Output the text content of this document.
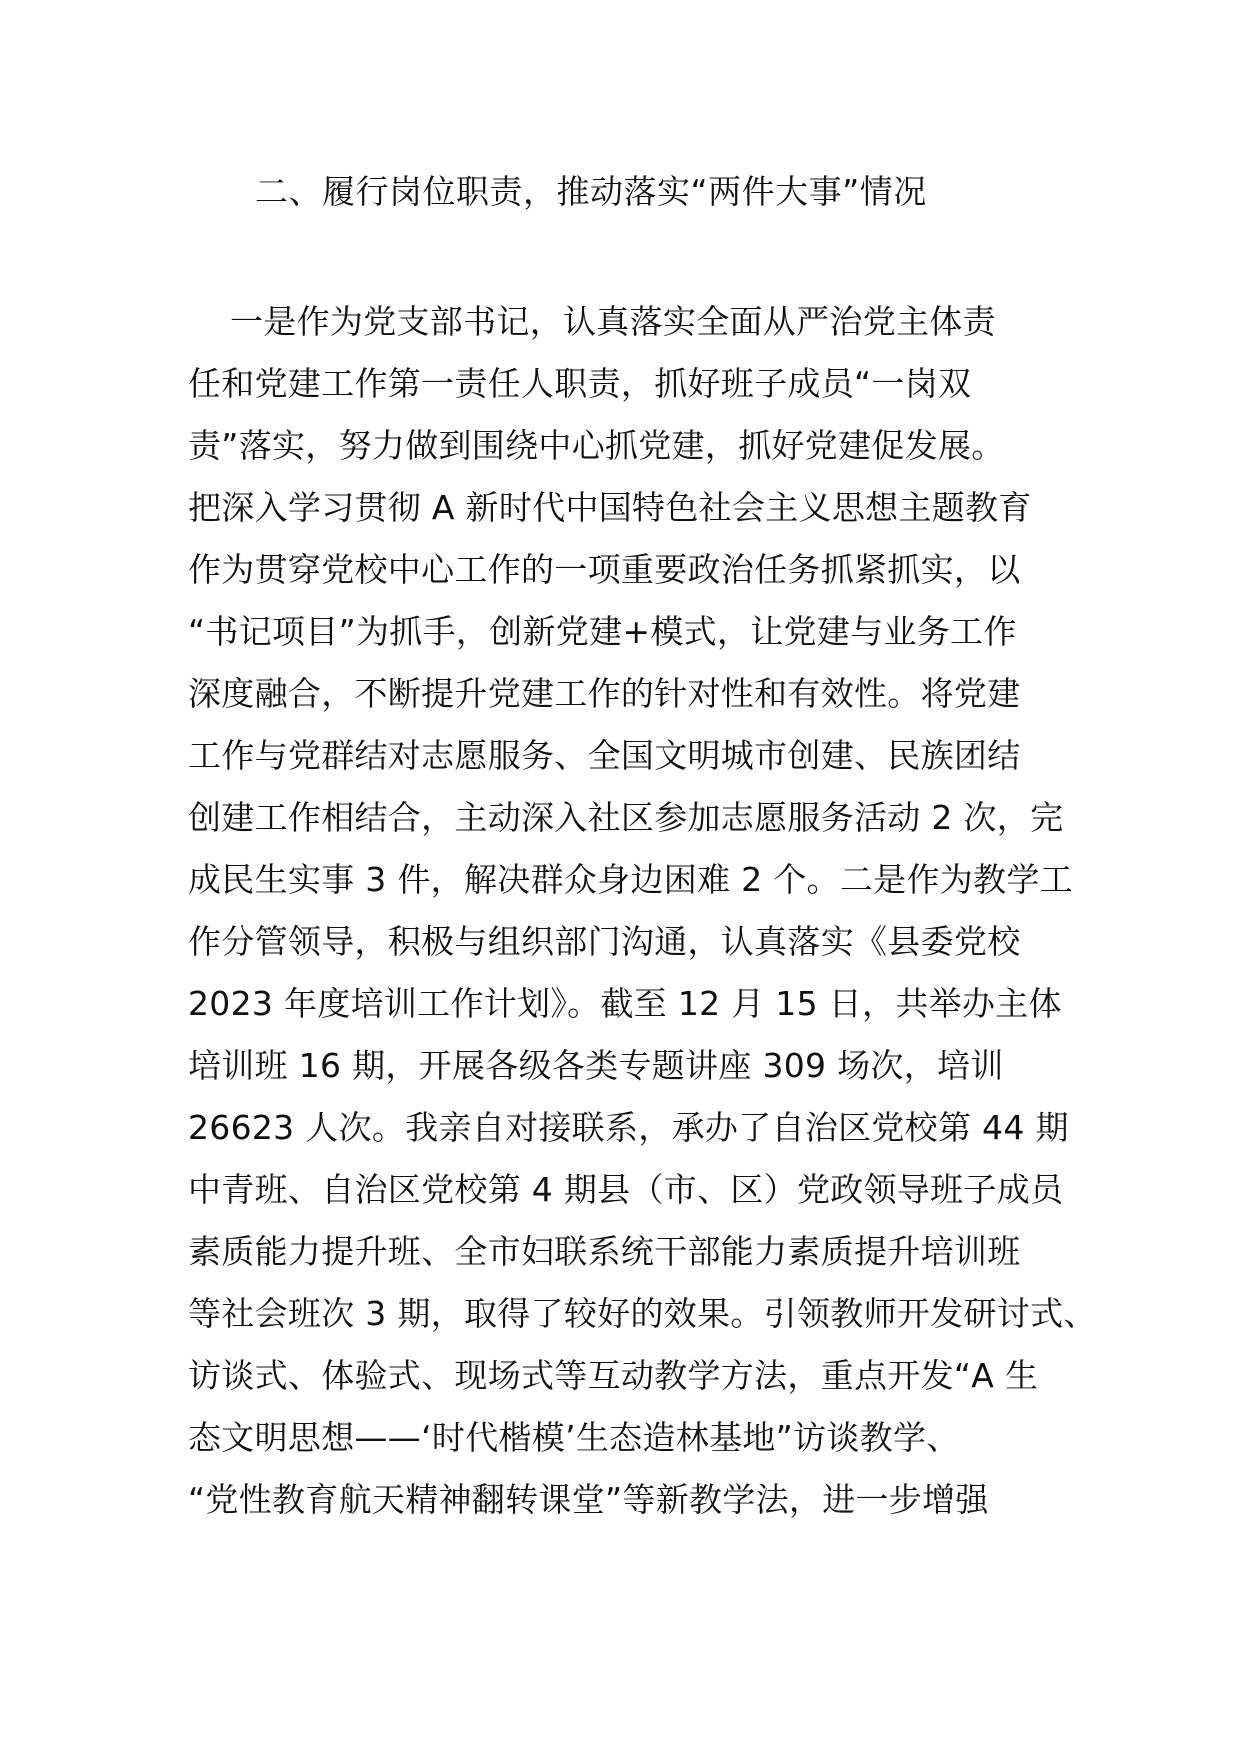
二、履行岗位职责，推动落实“两件大事”情况
一是作为党支部书记，认真落实全面从严治党主体责
任和党建工作第一责任人职责，抓好班子成员“一岗双
责”落实，努力做到围绕中心抓党建，抓好党建促发展。
把深入学习贯彻 A 新时代中国特色社会主义思想主题教育
作为贯穿党校中心工作的一项重要政治任务抓紧抓实，以
“书记项目”为抓手，创新党建+模式，让党建与业务工作
深度融合，不断提升党建工作的针对性和有效性。将党建
工作与党群结对志愿服务、全国文明城市创建、民族团结
创建工作相结合，主动深入社区参加志愿服务活动 2 次，完
成民生实事 3 件，解决群众身边困难 2 个。二是作为教学工
作分管领导，积极与组织部门沟通，认真落实《县委党校
2023 年度培训工作计划》。截至 12 月 15 日，共举办主体
培训班 16 期，开展各级各类专题讲座 309 场次，培训
26623 人次。我亲自对接联系，承办了自治区党校第 44 期
中青班、自治区党校第 4 期县（市、区）党政领导班子成员
素质能力提升班、全市妇联系统干部能力素质提升培训班
等社会班次 3 期，取得了较好的效果。引领教师开发研讨式、
访谈式、体验式、现场式等互动教学方法，重点开发“A 生
态文明思想——‘时代楷模’生态造林基地”访谈教学、
“党性教育航天精神翻转课堂”等新教学法，进一步增强
